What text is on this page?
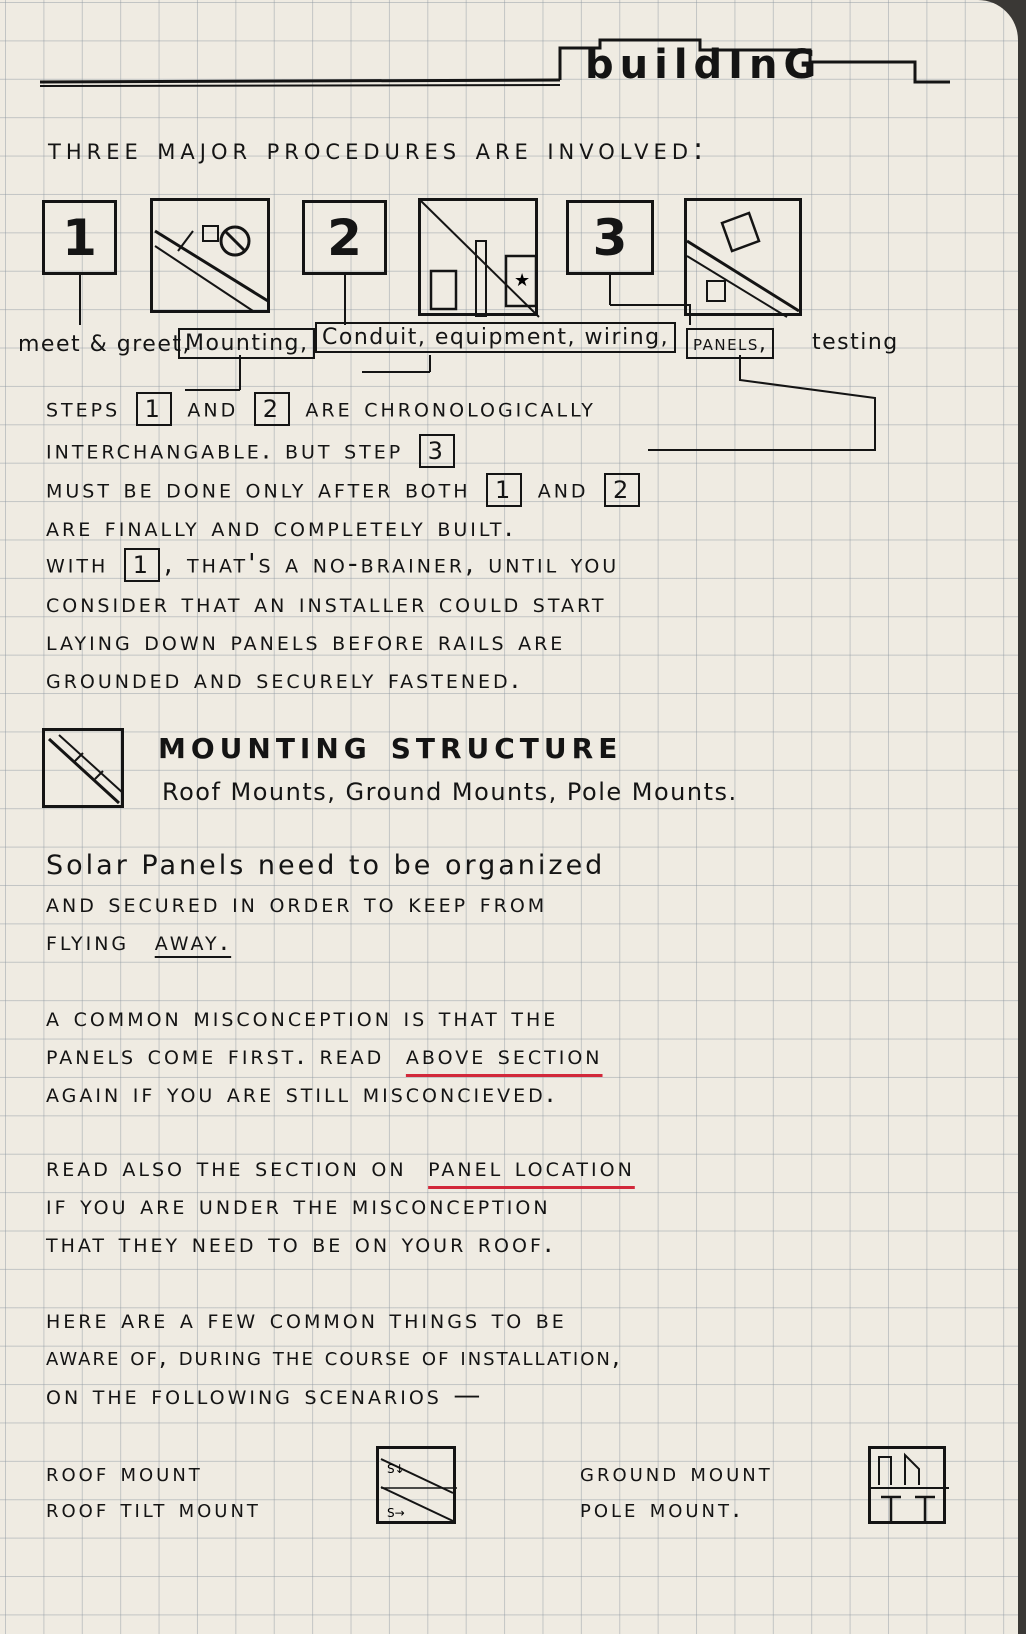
buildInG
three major procedures are involved:
1	2
★
3
meet & greet,
Mounting, Conduit, equipment, wiring,	panels,	testing
steps 1 and 2 are chronologically
interchangable. but step 3
must be done only after both 1 and 2
are finally and completely built.
with 1 , that's a no-brainer, until you
consider that an installer could start
laying down panels before rails are
grounded and securely fastened.
mounting structure
Roof Mounts, Ground Mounts, Pole Mounts.
Solar Panels need to be organized
and secured in order to keep from
flying away.
a common misconception is that the
panels come first. read above section
again if you are still misconcieved.
read also the section on panel location
if you are under the misconception
that they need to be on your roof.
here are a few common things to be
aware of, during the course of installation,
on the following scenarios —
roof mount
roof tilt mount
S↓
S→
ground mount
pole mount.
